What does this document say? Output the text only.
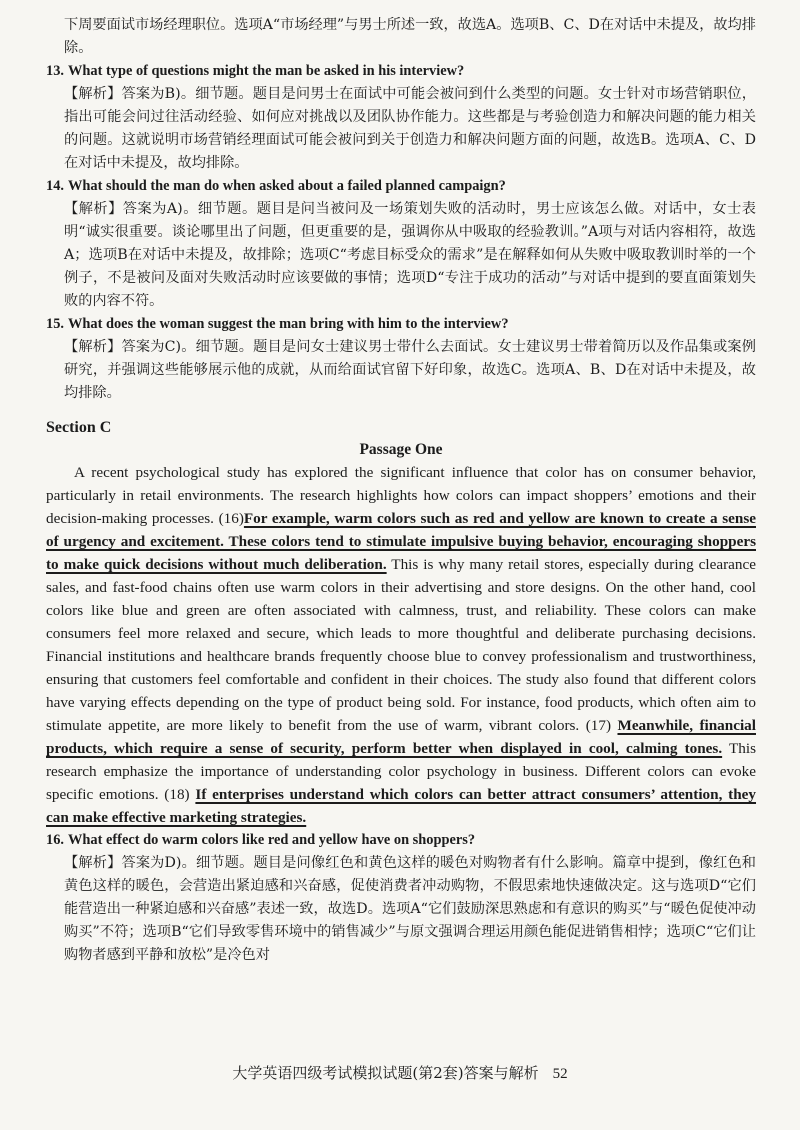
下周要面试市场经理职位。选项A“市场经理”与男士所述一致，故选A。选项B、C、D在对话中未提及，故均排除。

13. What type of questions might the man be asked in his interview?

【解析】答案为B)。细节题。题目是问男士在面试中可能会被问到什么类型的问题。女士针对市场营销职位，指出可能会问过往活动经验、如何应对挑战以及团队协作能力。这些都是与考验创造力和解决问题的能力相关的问题。这就说明市场营销经理面试可能会被问到关于创造力和解决问题方面的问题，故选B。选项A、C、D在对话中未提及，故均排除。

14. What should the man do when asked about a failed planned campaign?

【解析】答案为A)。细节题。题目是问当被问及一场策划失败的活动时，男士应该怎么做。对话中，女士表明“诚实很重要。谈论哪里出了问题，但更重要的是，强调你从中吸取的经验教训。”A项与对话内容相符，故选A；选项B在对话中未提及，故排除；选项C“考虑目标受众的需求”是在解释如何从失败中吸取教训时举的一个例子，不是被问及面对失败活动时应该要做的事情；选项D“专注于成功的活动”与对话中提到的要直面策划失败的内容不符。

15. What does the woman suggest the man bring with him to the interview?

【解析】答案为C)。细节题。题目是问女士建议男士带什么去面试。女士建议男士带着简历以及作品集或案例研究，并强调这些能够展示他的成就，从而给面试官留下好印象，故选C。选项A、B、D在对话中未提及，故均排除。

Section C
Passage One

A recent psychological study has explored the significant influence that color has on consumer behavior, particularly in retail environments. The research highlights how colors can impact shoppers’ emotions and their decision-making processes. (16)For example, warm colors such as red and yellow are known to create a sense of urgency and excitement. These colors tend to stimulate impulsive buying behavior, encouraging shoppers to make quick decisions without much deliberation. This is why many retail stores, especially during clearance sales, and fast-food chains often use warm colors in their advertising and store designs. On the other hand, cool colors like blue and green are often associated with calmness, trust, and reliability. These colors can make consumers feel more relaxed and secure, which leads to more thoughtful and deliberate purchasing decisions. Financial institutions and healthcare brands frequently choose blue to convey professionalism and trustworthiness, ensuring that customers feel comfortable and confident in their choices. The study also found that different colors have varying effects depending on the type of product being sold. For instance, food products, which often aim to stimulate appetite, are more likely to benefit from the use of warm, vibrant colors. (17) Meanwhile, financial products, which require a sense of security, perform better when displayed in cool, calming tones. This research emphasize the importance of understanding color psychology in business. Different colors can evoke specific emotions. (18) If enterprises understand which colors can better attract consumers’ attention, they can make effective marketing strategies.

16. What effect do warm colors like red and yellow have on shoppers?

【解析】答案为D)。细节题。题目是问像红色和黄色这样的暖色对购物者有什么影响。篇章中提到，像红色和黄色这样的暖色，会营造出紧迫感和兴奋感，促使消费者冲动购物，不假思索地快速做决定。这与选项D“它们能营造出一种紧迫感和兴奋感”表述一致，故选D。选项A“它们鼓励深思熟虑和有意识的购买”与“暖色促使冲动购买”不符；选项B“它们导致零售环境中的销售减少”与原文强调合理运用颜色能促进销售相悖；选项C“它们让购物者感到平静和放松”是冷色对

大学英语四级考试模拟试题(第2套)答案与解析 52
